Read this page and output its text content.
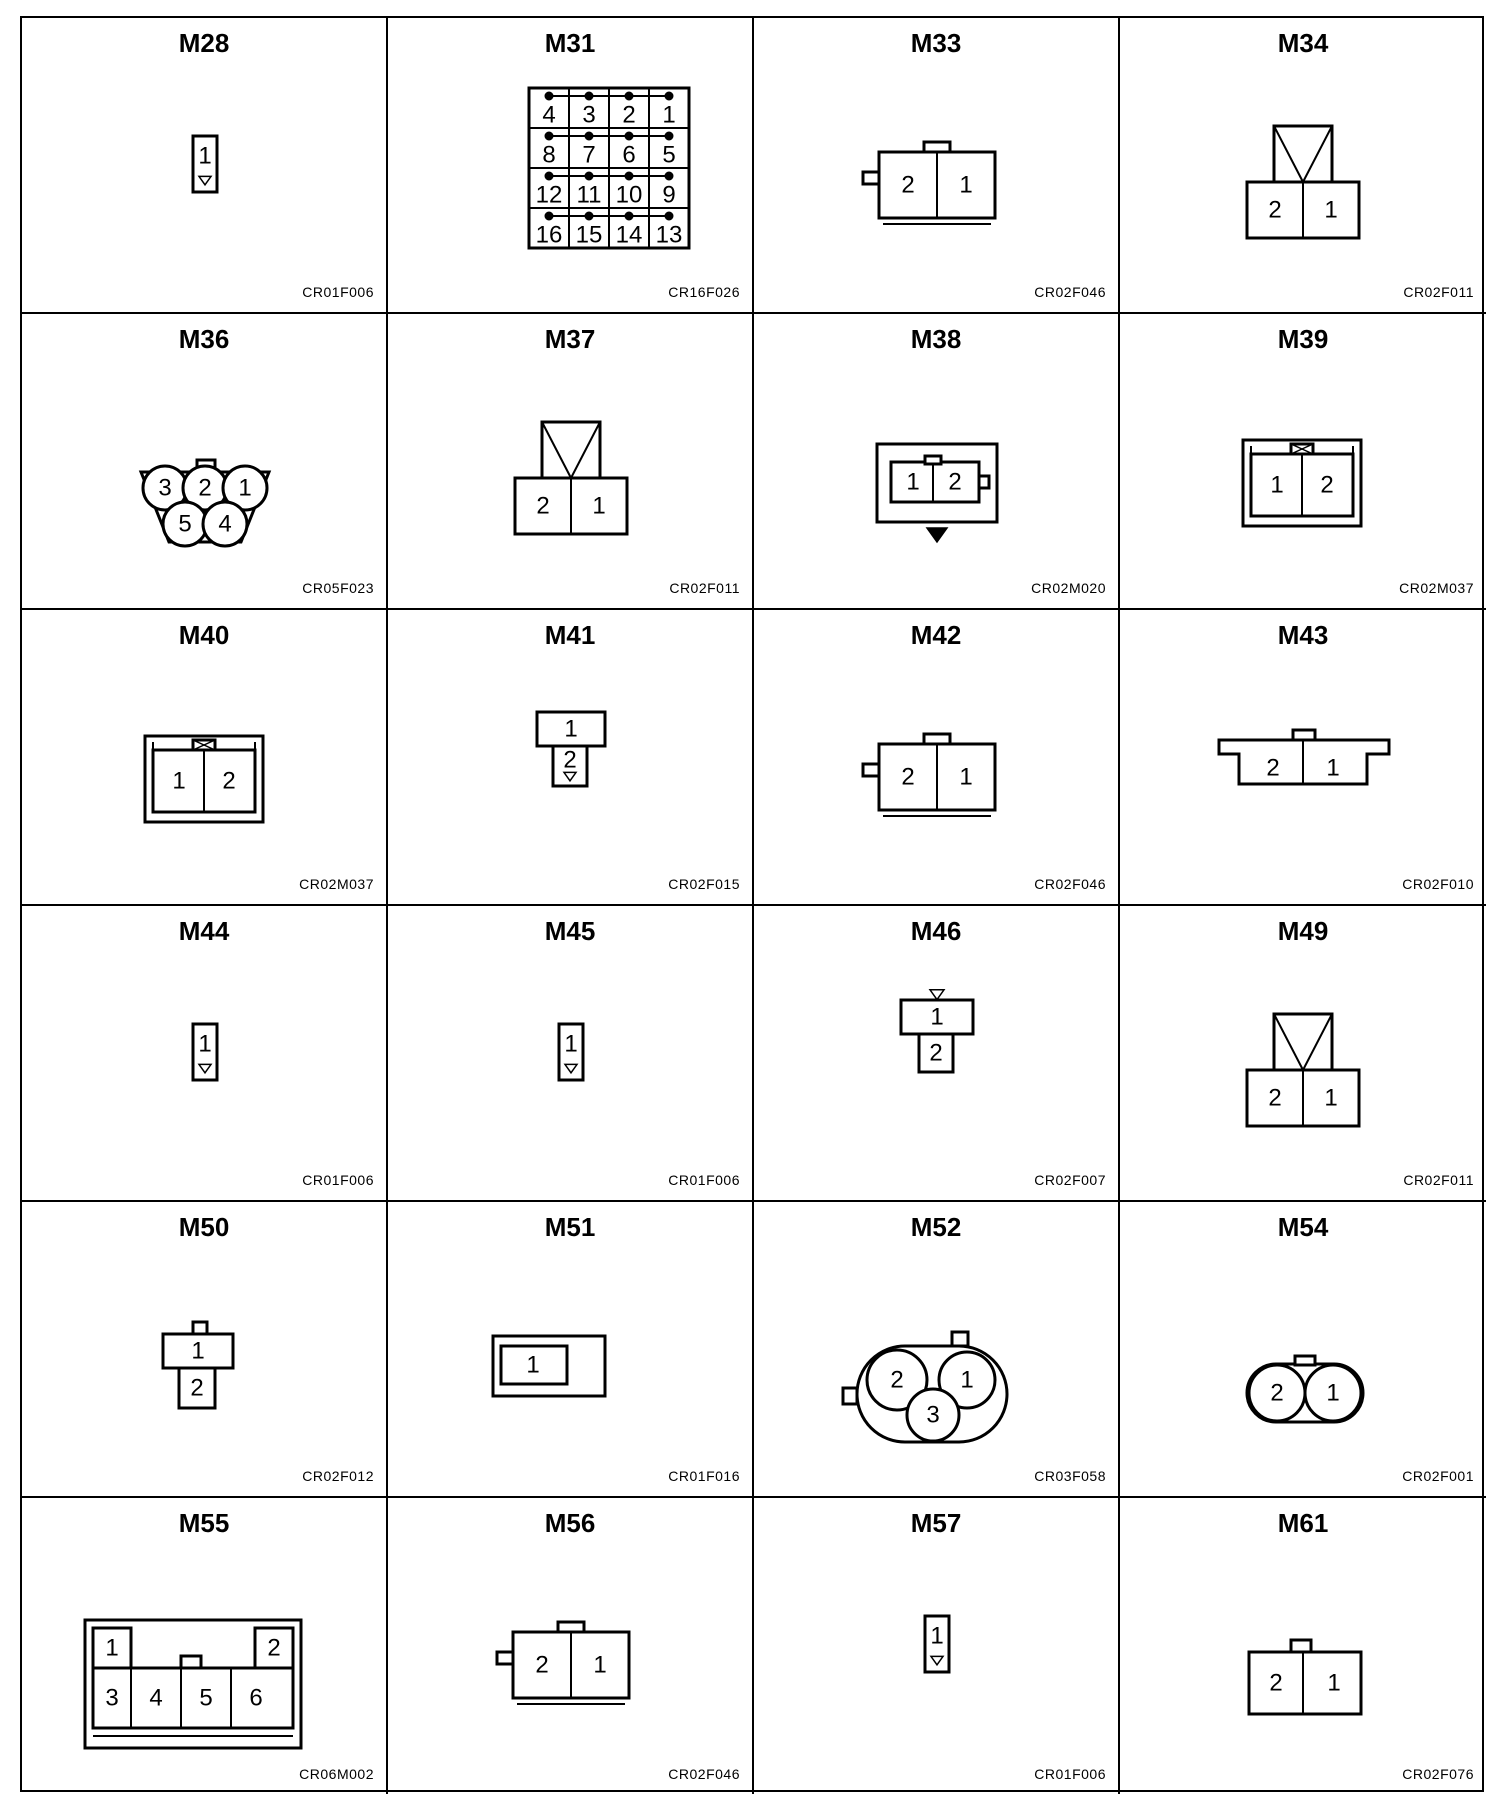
M28
1
CR01F006
M31
4 3 2 1
8 7 6 5
12 11 10 9
16 15 14 13
CR16F026
M33
2 1
CR02F046
M34
2 1
CR02F011
M36
3 2 1
5 4
CR05F023
M37
2 1
CR02F011
M38
1 2
CR02M020
M39
1 2
CR02M037
M40
1 2
CR02M037
M41
1
2
CR02F015
M42
2 1
CR02F046
M43
2 1
CR02F010
M44
1
CR01F006
M45
1
CR01F006
M46
1
2
CR02F007
M49
2 1
CR02F011
M50
1
2
CR02F012
M51
1
CR01F016
M52
2 1
3
CR03F058
M54
2 1
CR02F001
M55
1	2
3 4 5 6
CR06M002
M56
2 1
CR02F046
M57
1
CR01F006
M61
2 1
CR02F076
